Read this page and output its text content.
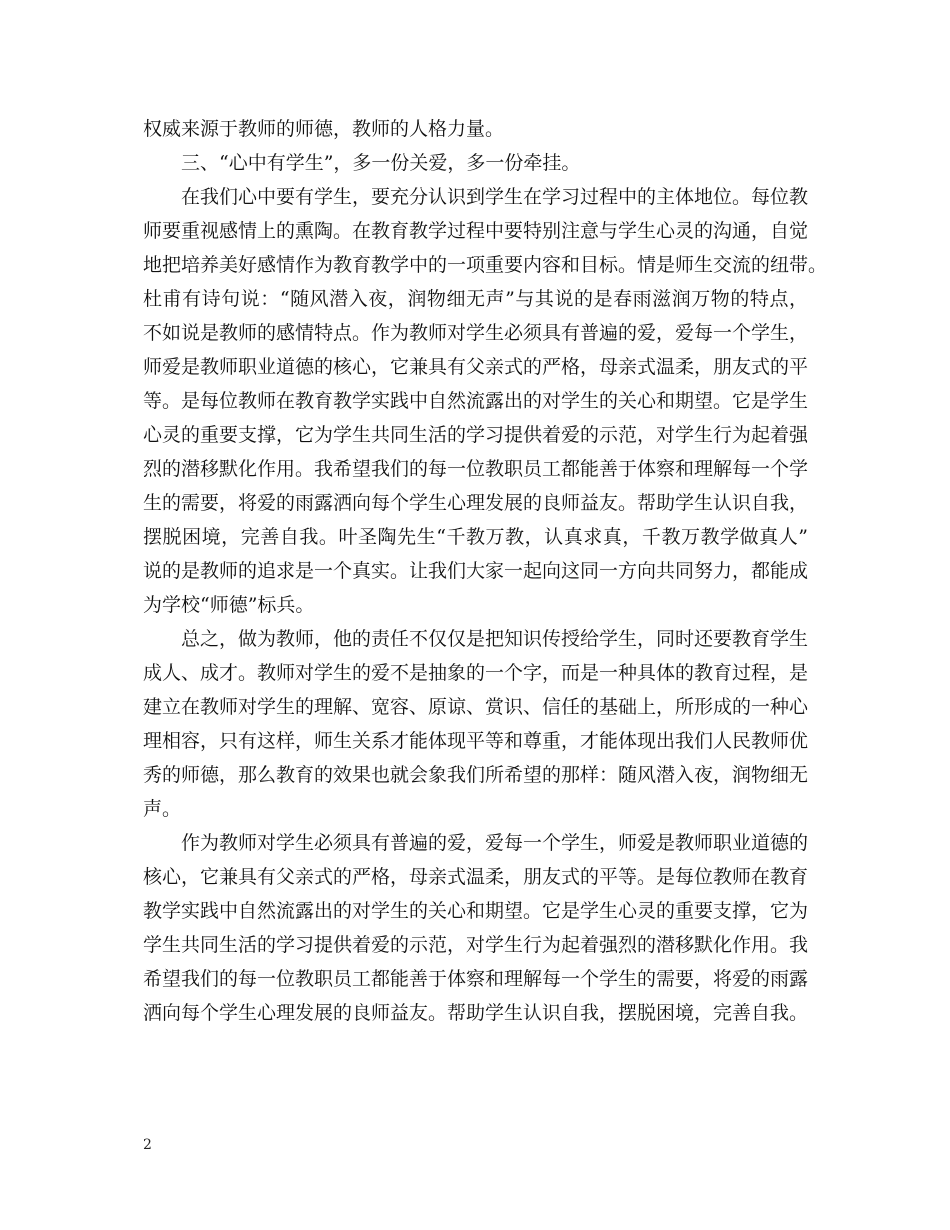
权威来源于教师的师德，教师的人格力量。
三、“心中有学生”，多一份关爱，多一份牵挂。
在我们心中要有学生，要充分认识到学生在学习过程中的主体地位。每位教
师要重视感情上的熏陶。在教育教学过程中要特别注意与学生心灵的沟通，自觉
地把培养美好感情作为教育教学中的一项重要内容和目标。情是师生交流的纽带。
杜甫有诗句说：“随风潜入夜，润物细无声”与其说的是春雨滋润万物的特点，
不如说是教师的感情特点。作为教师对学生必须具有普遍的爱，爱每一个学生，
师爱是教师职业道德的核心，它兼具有父亲式的严格，母亲式温柔，朋友式的平
等。是每位教师在教育教学实践中自然流露出的对学生的关心和期望。它是学生
心灵的重要支撑，它为学生共同生活的学习提供着爱的示范，对学生行为起着强
烈的潜移默化作用。我希望我们的每一位教职员工都能善于体察和理解每一个学
生的需要，将爱的雨露洒向每个学生心理发展的良师益友。帮助学生认识自我，
摆脱困境，完善自我。叶圣陶先生“千教万教，认真求真，千教万教学做真人”
说的是教师的追求是一个真实。让我们大家一起向这同一方向共同努力，都能成
为学校“师德”标兵。
总之，做为教师，他的责任不仅仅是把知识传授给学生，同时还要教育学生
成人、成才。教师对学生的爱不是抽象的一个字，而是一种具体的教育过程，是
建立在教师对学生的理解、宽容、原谅、赏识、信任的基础上，所形成的一种心
理相容，只有这样，师生关系才能体现平等和尊重，才能体现出我们人民教师优
秀的师德，那么教育的效果也就会象我们所希望的那样：随风潜入夜，润物细无
声。
作为教师对学生必须具有普遍的爱，爱每一个学生，师爱是教师职业道德的
核心，它兼具有父亲式的严格，母亲式温柔，朋友式的平等。是每位教师在教育
教学实践中自然流露出的对学生的关心和期望。它是学生心灵的重要支撑，它为
学生共同生活的学习提供着爱的示范，对学生行为起着强烈的潜移默化作用。我
希望我们的每一位教职员工都能善于体察和理解每一个学生的需要，将爱的雨露
洒向每个学生心理发展的良师益友。帮助学生认识自我，摆脱困境，完善自我。
2
